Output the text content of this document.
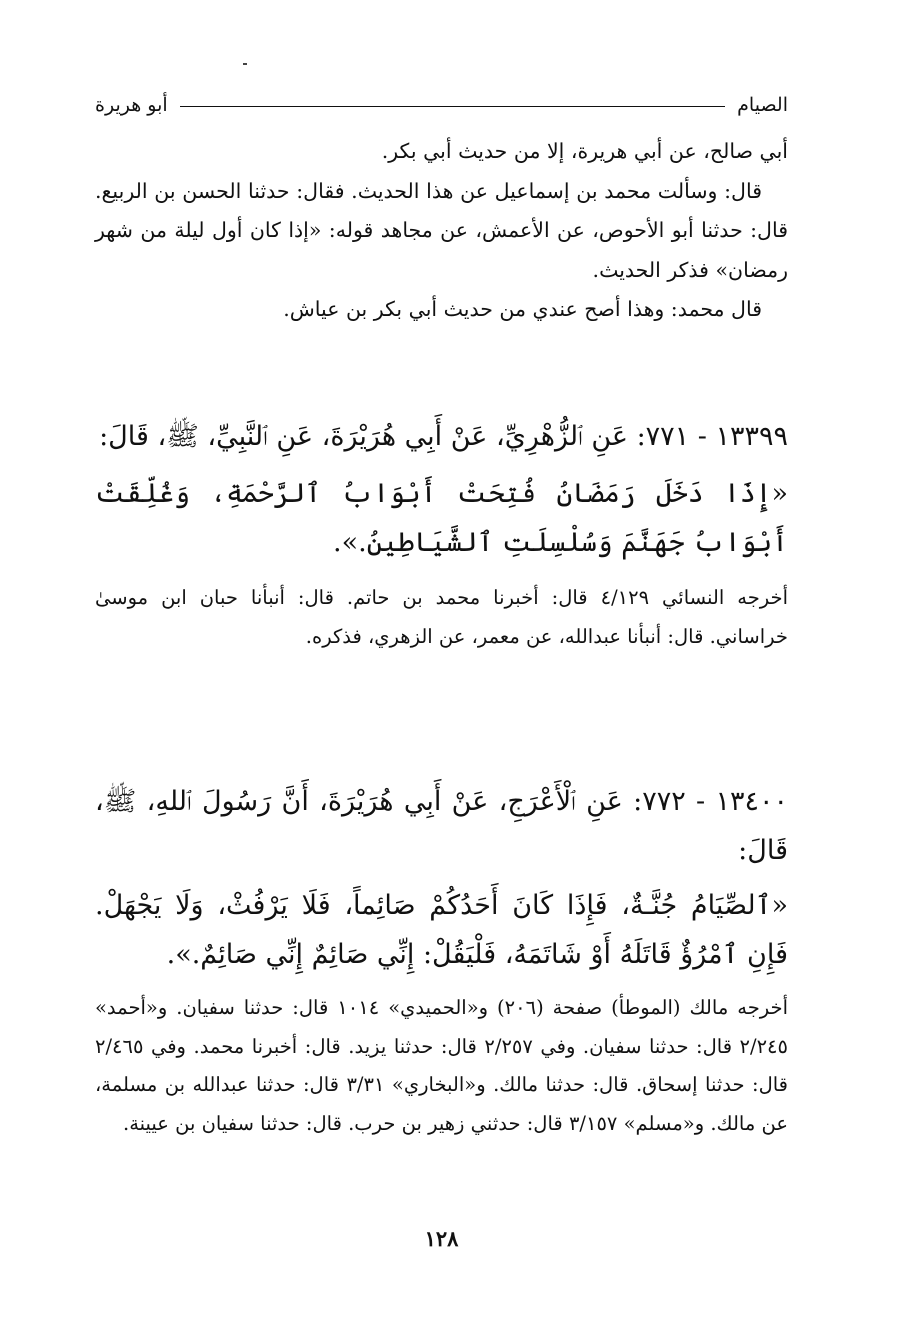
الصيام
أبو هريرة

أبي صالح، عن أبي هريرة، إلا من حديث أبي بكر.

قال: وسألت محمد بن إسماعيل عن هذا الحديث. فقال: حدثنا الحسن بن الربيع. قال: حدثنا أبو الأحوص، عن الأعمش، عن مجاهد قوله: «إذا كان أول ليلة من شهر رمضان» فذكر الحديث.

قال محمد: وهذا أصح عندي من حديث أبي بكر بن عياش.

١٣٣٩٩ - ٧٧١: عَنِ ٱلزُّهْرِيِّ، عَنْ أَبِي هُرَيْرَةَ، عَنِ ٱلنَّبِيِّ، ﷺ، قَالَ:

«إِذَا دَخَلَ رَمَضَانُ فُتِحَتْ أَبْوَابُ ٱلرَّحْمَةِ، وَغُلِّقَتْ أَبْوَابُ جَهَنَّمَ وَسُلْسِلَتِ ٱلشَّيَاطِينُ.».

أخرجه النسائي ٤/١٢٩ قال: أخبرنا محمد بن حاتم. قال: أنبأنا حبان ابن موسىٰ خراساني. قال: أنبأنا عبدالله، عن معمر، عن الزهري، فذكره.

١٣٤٠٠ - ٧٧٢: عَنِ ٱلْأَعْرَجِ، عَنْ أَبِي هُرَيْرَةَ، أَنَّ رَسُولَ ٱللهِ، ﷺ، قَالَ:

«ٱلصِّيَامُ جُنَّـةٌ، فَإِذَا كَانَ أَحَدُكُمْ صَائِماً، فَلَا يَرْفُثْ، وَلَا يَجْهَلْ. فَإِنِ ٱمْرُؤٌ قَاتَلَهُ أَوْ شَاتَمَهُ، فَلْيَقُلْ: إِنِّي صَائِمٌ إِنِّي صَائِمٌ.».

أخرجه مالك (الموطأ) صفحة (٢٠٦) و«الحميدي» ١٠١٤ قال: حدثنا سفيان. و«أحمد» ٢/٢٤٥ قال: حدثنا سفيان. وفي ٢/٢٥٧ قال: حدثنا يزيد. قال: أخبرنا محمد. وفي ٢/٤٦٥ قال: حدثنا إسحاق. قال: حدثنا مالك. و«البخاري» ٣/٣١ قال: حدثنا عبدالله بن مسلمة، عن مالك. و«مسلم» ٣/١٥٧ قال: حدثني زهير بن حرب. قال: حدثنا سفيان بن عيينة.

١٢٨
